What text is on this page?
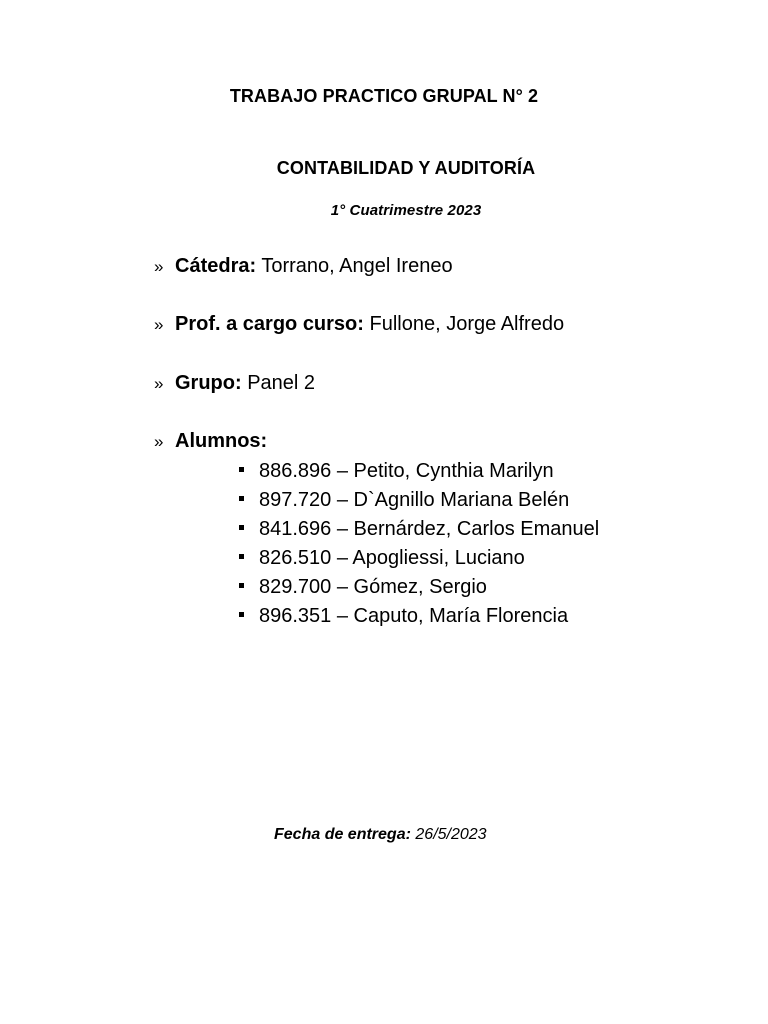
TRABAJO PRACTICO GRUPAL N° 2
CONTABILIDAD Y AUDITORÍA
1° Cuatrimestre 2023
» Cátedra: Torrano, Angel Ireneo
» Prof. a cargo curso: Fullone, Jorge Alfredo
» Grupo: Panel 2
» Alumnos:
886.896 – Petito, Cynthia Marilyn
897.720 – D`Agnillo Mariana Belén
841.696 – Bernárdez, Carlos Emanuel
826.510 – Apogliessi, Luciano
829.700 – Gómez, Sergio
896.351 – Caputo, María Florencia
Fecha de entrega: 26/5/2023
